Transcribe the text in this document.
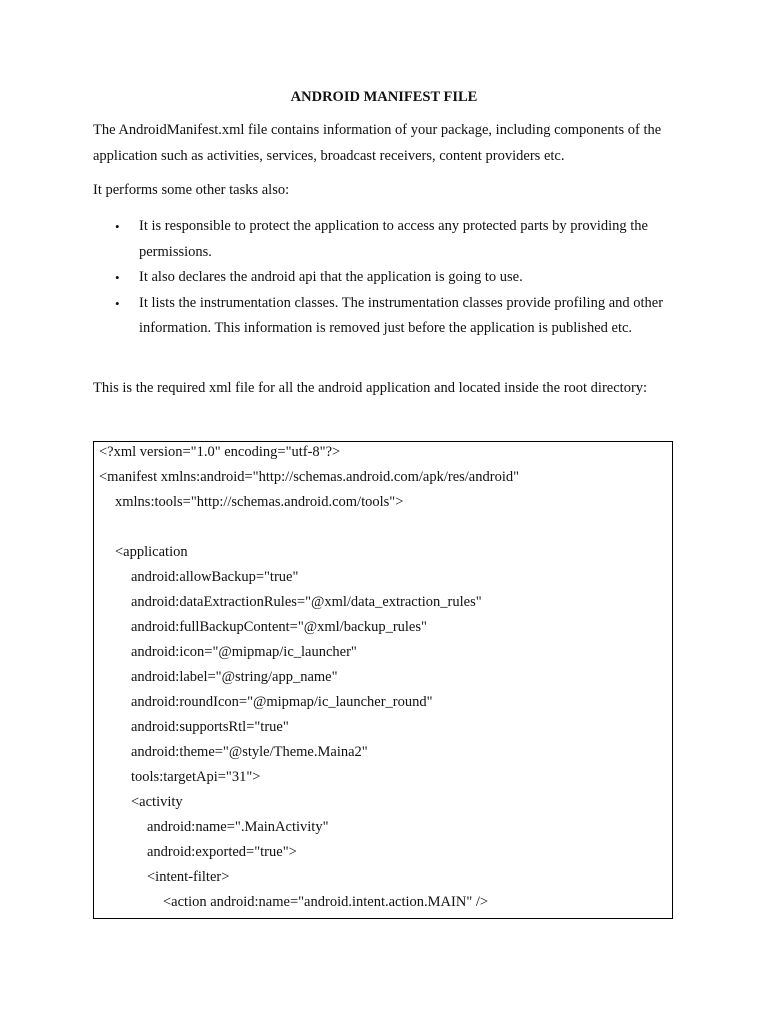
ANDROID MANIFEST FILE

The AndroidManifest.xml file contains information of your package, including components of the application such as activities, services, broadcast receivers, content providers etc.

It performs some other tasks also:

• It is responsible to protect the application to access any protected parts by providing the permissions.
• It also declares the android api that the application is going to use.
• It lists the instrumentation classes. The instrumentation classes provide profiling and other information. This information is removed just before the application is published etc.

This is the required xml file for all the android application and located inside the root directory:

<?xml version="1.0" encoding="utf-8"?>
<manifest xmlns:android="http://schemas.android.com/apk/res/android"
xmlns:tools="http://schemas.android.com/tools">
<application
android:allowBackup="true"
android:dataExtractionRules="@xml/data_extraction_rules"
android:fullBackupContent="@xml/backup_rules"
android:icon="@mipmap/ic_launcher"
android:label="@string/app_name"
android:roundIcon="@mipmap/ic_launcher_round"
android:supportsRtl="true"
android:theme="@style/Theme.Maina2"
tools:targetApi="31">
<activity
android:name=".MainActivity"
android:exported="true">
<intent-filter>
<action android:name="android.intent.action.MAIN" />
